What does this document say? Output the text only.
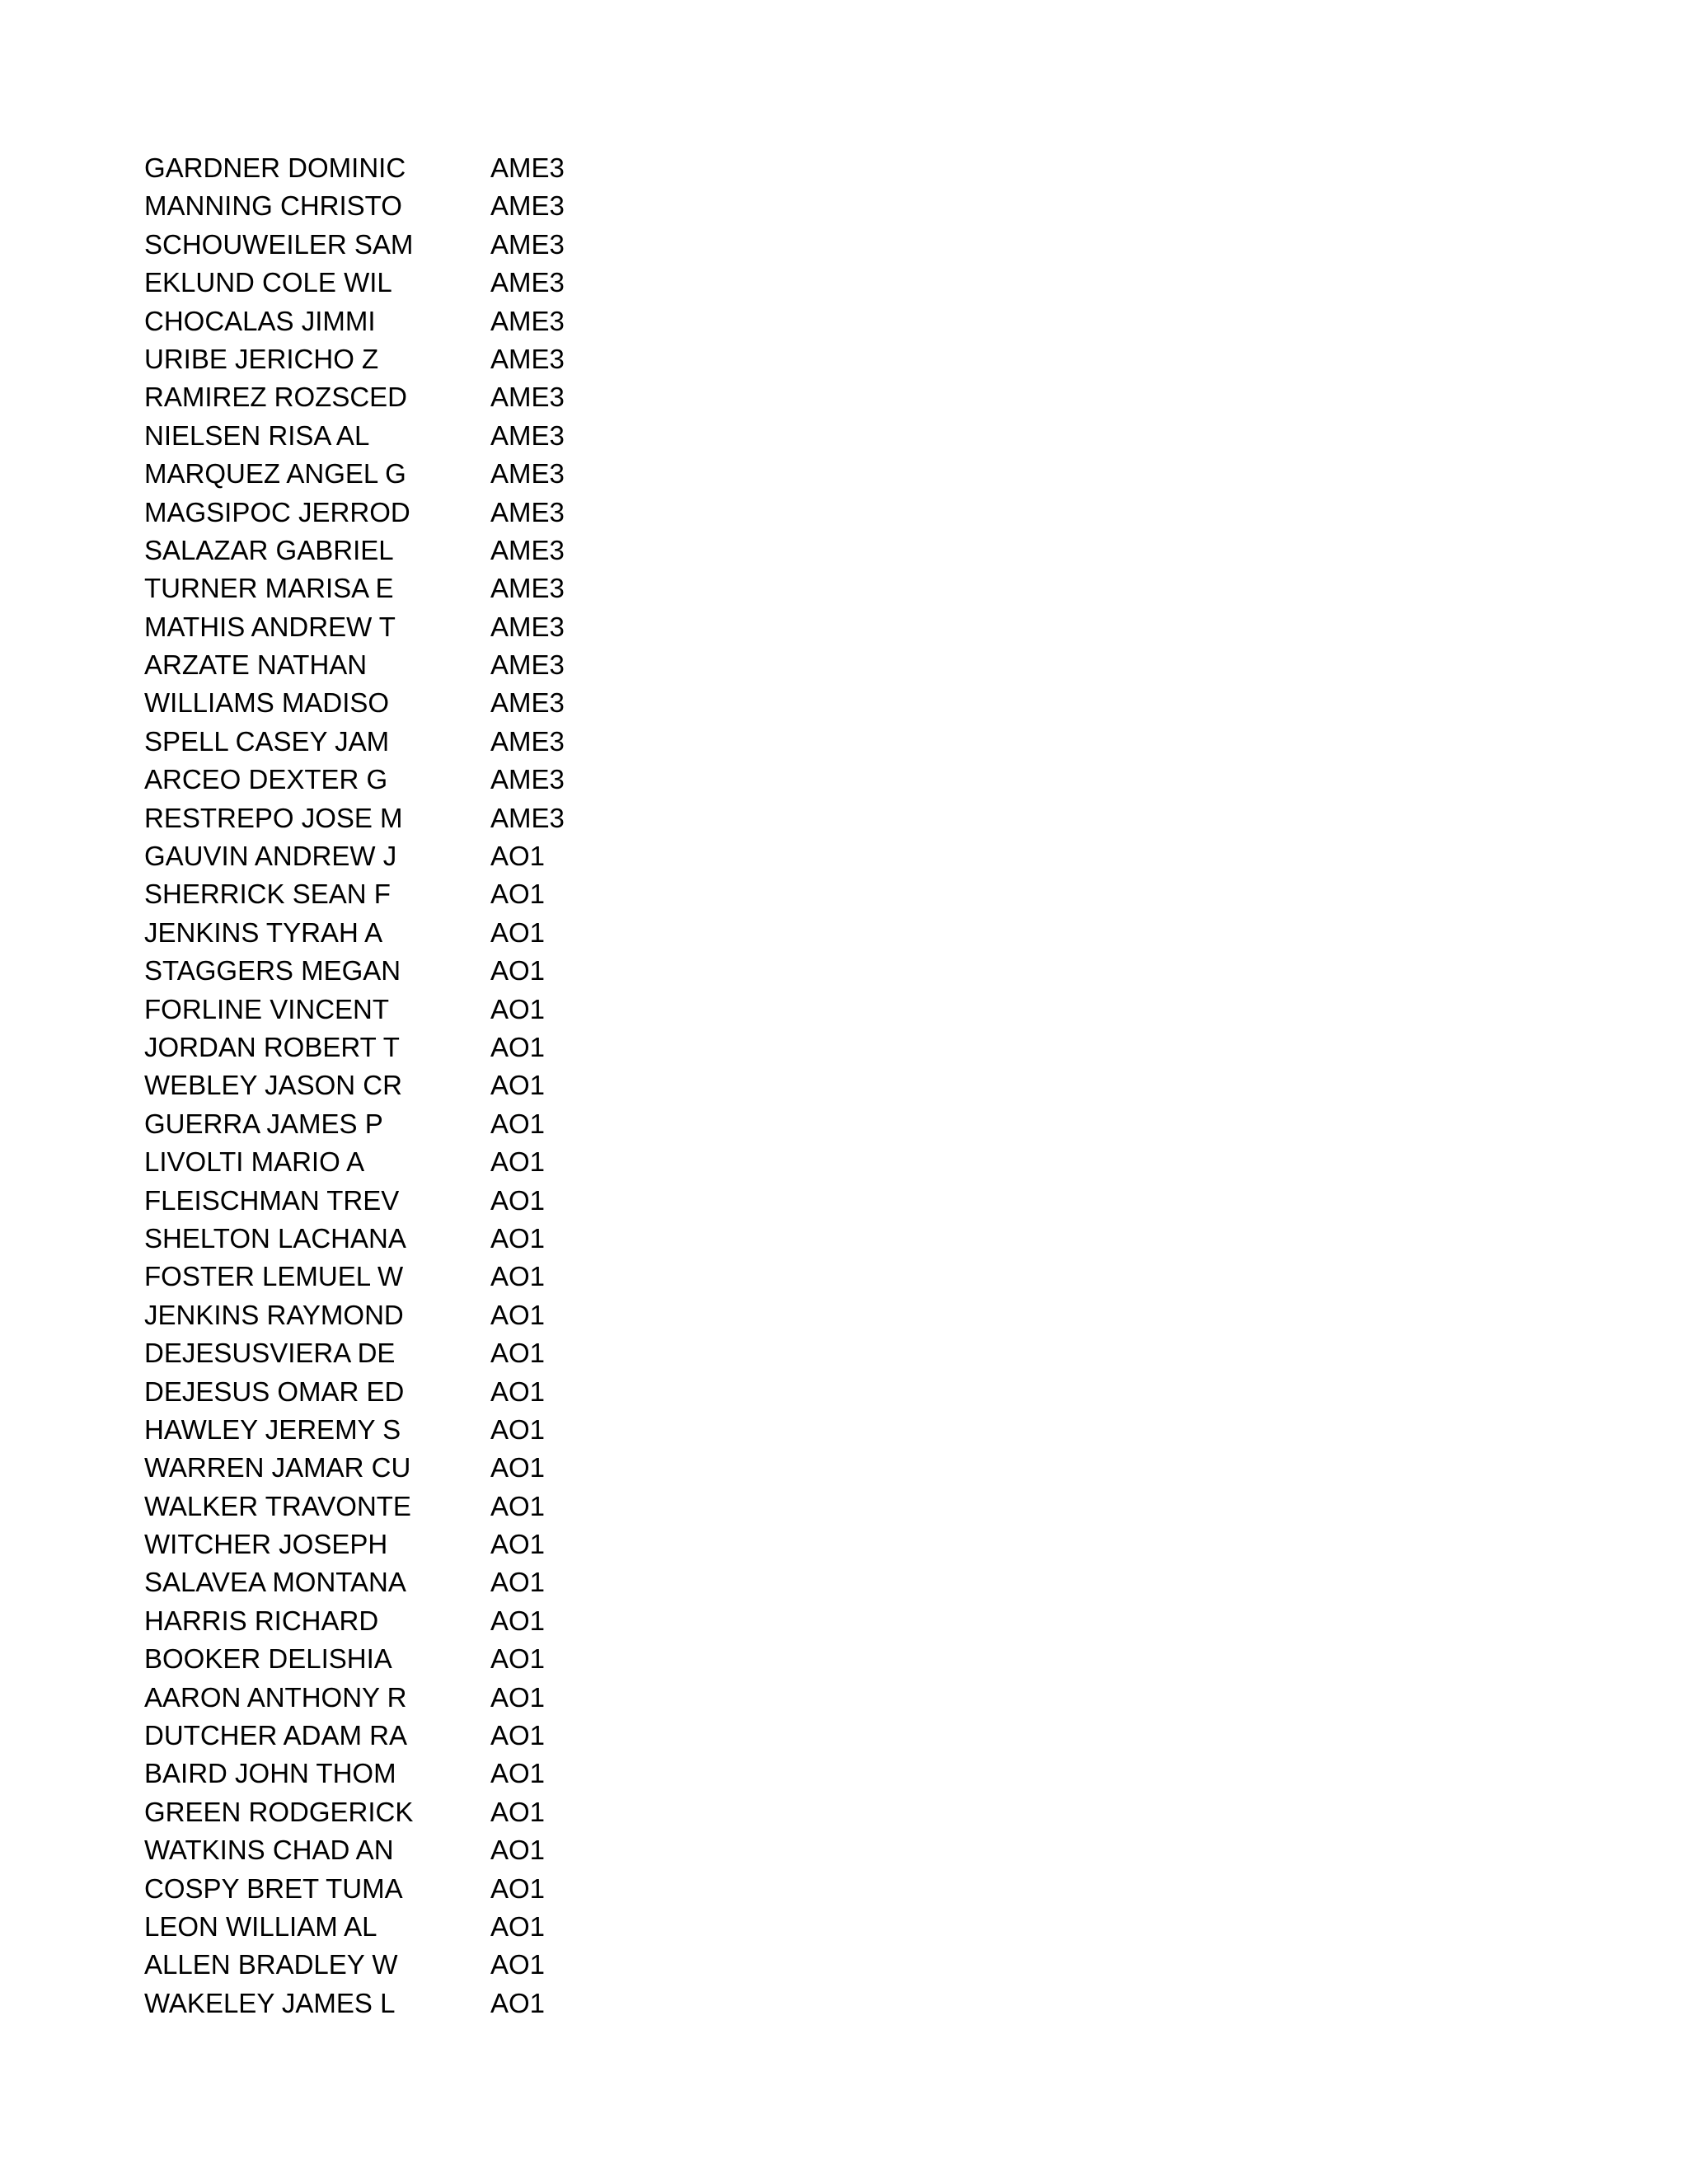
GARDNER DOMINIC	AME3
MANNING CHRISTO	AME3
SCHOUWEILER SAM	AME3
EKLUND COLE WIL	AME3
CHOCALAS JIMMI	AME3
URIBE JERICHO Z	AME3
RAMIREZ ROZSCED	AME3
NIELSEN RISA AL	AME3
MARQUEZ ANGEL G	AME3
MAGSIPOC JERROD	AME3
SALAZAR GABRIEL	AME3
TURNER MARISA E	AME3
MATHIS ANDREW T	AME3
ARZATE NATHAN	AME3
WILLIAMS MADISO	AME3
SPELL CASEY JAM	AME3
ARCEO DEXTER G	AME3
RESTREPO JOSE M	AME3
GAUVIN ANDREW J	AO1
SHERRICK SEAN F	AO1
JENKINS TYRAH A	AO1
STAGGERS MEGAN	AO1
FORLINE VINCENT	AO1
JORDAN ROBERT T	AO1
WEBLEY JASON CR	AO1
GUERRA JAMES P	AO1
LIVOLTI MARIO A	AO1
FLEISCHMAN TREV	AO1
SHELTON LACHANA	AO1
FOSTER LEMUEL W	AO1
JENKINS RAYMOND	AO1
DEJESUSVIERA DE	AO1
DEJESUS OMAR ED	AO1
HAWLEY JEREMY S	AO1
WARREN JAMAR CU	AO1
WALKER TRAVONTE	AO1
WITCHER JOSEPH	AO1
SALAVEA MONTANA	AO1
HARRIS RICHARD	AO1
BOOKER DELISHIA	AO1
AARON ANTHONY R	AO1
DUTCHER ADAM RA	AO1
BAIRD JOHN THOM	AO1
GREEN RODGERICK	AO1
WATKINS CHAD AN	AO1
COSPY BRET TUMA	AO1
LEON WILLIAM AL	AO1
ALLEN BRADLEY W	AO1
WAKELEY JAMES L	AO1
